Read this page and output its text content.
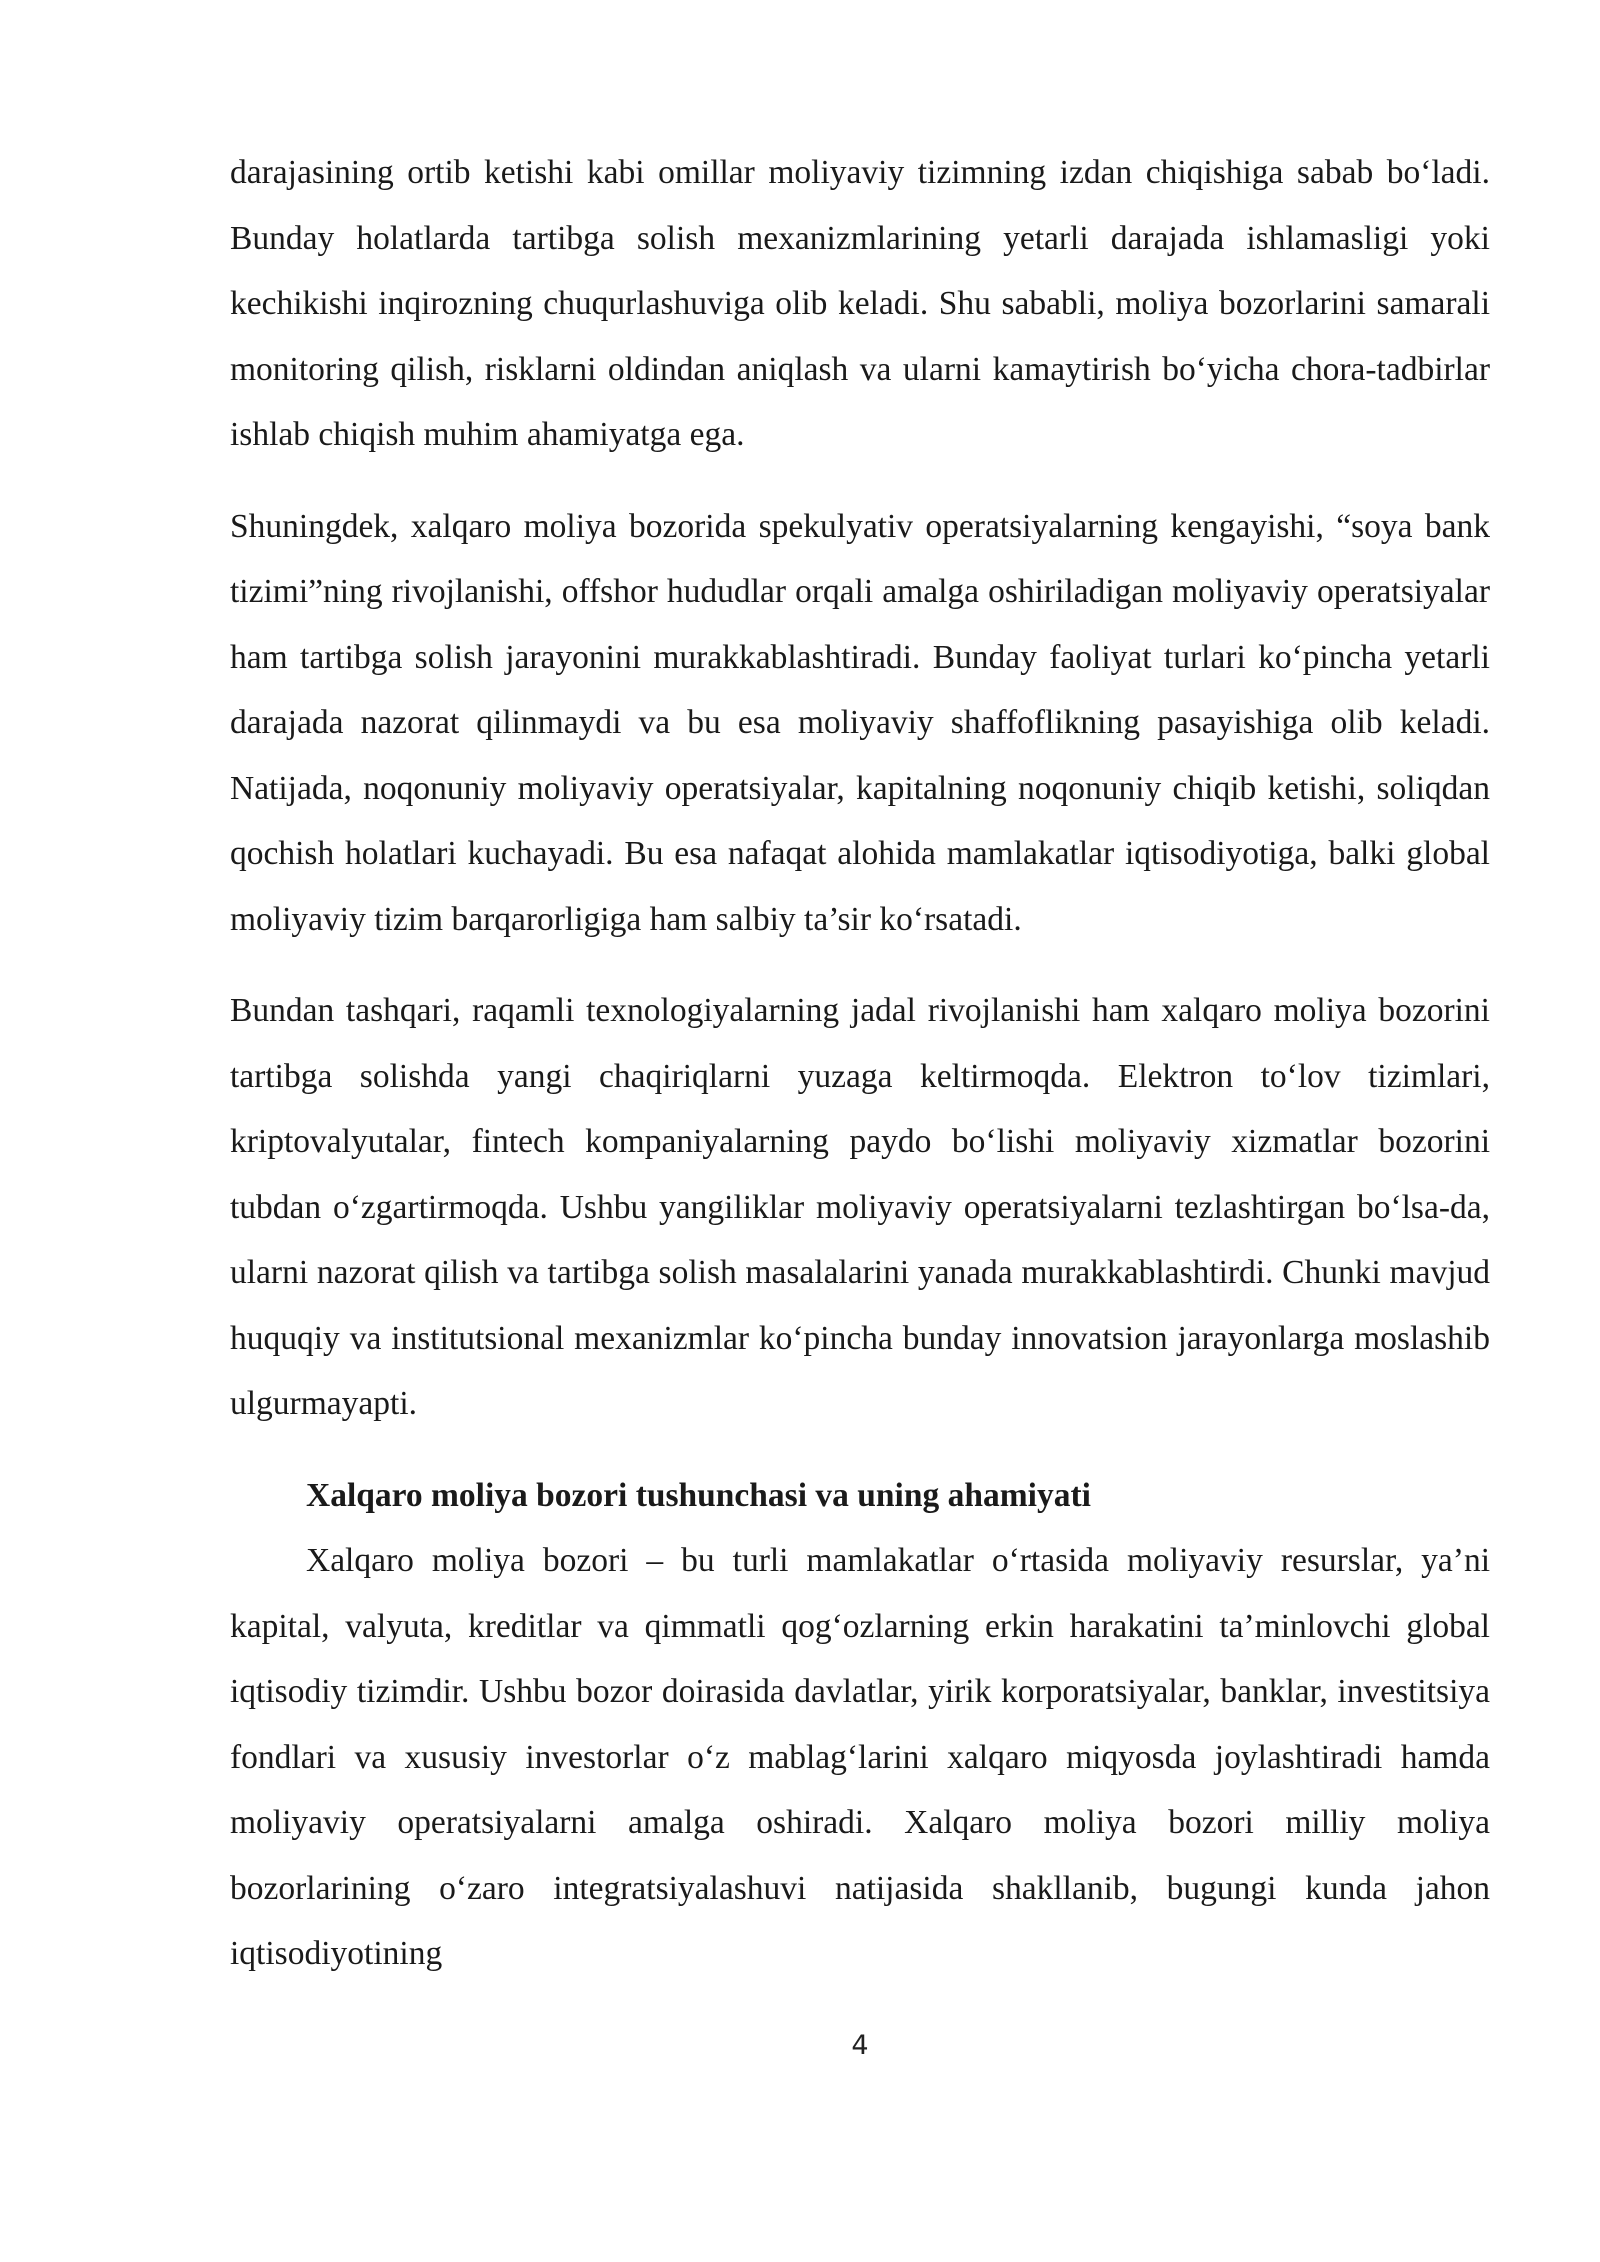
darajasining ortib ketishi kabi omillar moliyaviy tizimning izdan chiqishiga sabab bo‘ladi. Bunday holatlarda tartibga solish mexanizmlarining yetarli darajada ishlamasligi yoki kechikishi inqirozning chuqurlashuviga olib keladi. Shu sababli, moliya bozorlarini samarali monitoring qilish, risklarni oldindan aniqlash va ularni kamaytirish bo‘yicha chora-tadbirlar ishlab chiqish muhim ahamiyatga ega.

Shuningdek, xalqaro moliya bozorida spekulyativ operatsiyalarning kengayishi, “soya bank tizimi”ning rivojlanishi, offshor hududlar orqali amalga oshiriladigan moliyaviy operatsiyalar ham tartibga solish jarayonini murakkablashtiradi. Bunday faoliyat turlari ko‘pincha yetarli darajada nazorat qilinmaydi va bu esa moliyaviy shaffoflikning pasayishiga olib keladi. Natijada, noqonuniy moliyaviy operatsiyalar, kapitalning noqonuniy chiqib ketishi, soliqdan qochish holatlari kuchayadi. Bu esa nafaqat alohida mamlakatlar iqtisodiyotiga, balki global moliyaviy tizim barqarorligiga ham salbiy ta’sir ko‘rsatadi.

Bundan tashqari, raqamli texnologiyalarning jadal rivojlanishi ham xalqaro moliya bozorini tartibga solishda yangi chaqiriqlarni yuzaga keltirmoqda. Elektron to‘lov tizimlari, kriptovalyutalar, fintech kompaniyalarning paydo bo‘lishi moliyaviy xizmatlar bozorini tubdan o‘zgartirmoqda. Ushbu yangiliklar moliyaviy operatsiyalarni tezlashtirgan bo‘lsa-da, ularni nazorat qilish va tartibga solish masalalarini yanada murakkablashtirdi. Chunki mavjud huquqiy va institutsional mexanizmlar ko‘pincha bunday innovatsion jarayonlarga moslashib ulgurmayapti.

Xalqaro moliya bozori tushunchasi va uning ahamiyati

Xalqaro moliya bozori – bu turli mamlakatlar o‘rtasida moliyaviy resurslar, ya’ni kapital, valyuta, kreditlar va qimmatli qog‘ozlarning erkin harakatini ta’minlovchi global iqtisodiy tizimdir. Ushbu bozor doirasida davlatlar, yirik korporatsiyalar, banklar, investitsiya fondlari va xususiy investorlar o‘z mablag‘larini xalqaro miqyosda joylashtiradi hamda moliyaviy operatsiyalarni amalga oshiradi. Xalqaro moliya bozori milliy moliya bozorlarining o‘zaro integratsiyalashuvi natijasida shakllanib, bugungi kunda jahon iqtisodiyotining

4
